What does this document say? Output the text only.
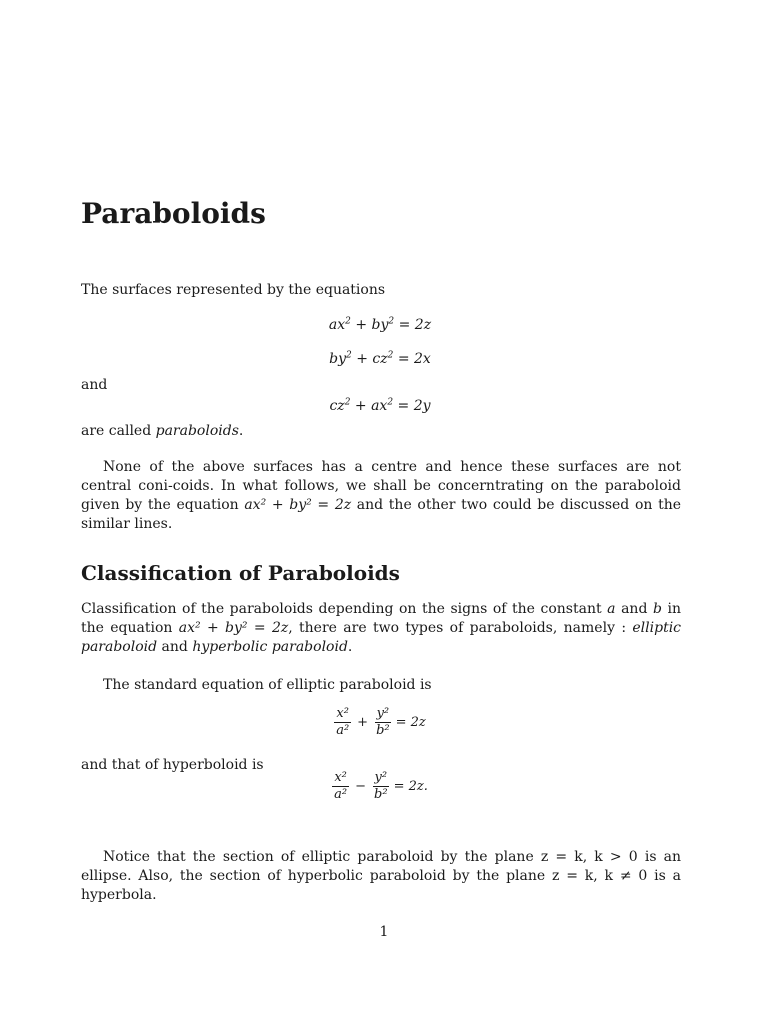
Paraboloids
The surfaces represented by the equations
$ax^2 + by^2 = 2z$
$by^2 + cz^2 = 2x$
and
$cz^2 + ax^2 = 2y$
are called paraboloids.
None of the above surfaces has a centre and hence these surfaces are not central coni-coids. In what follows, we shall be concerntrating on the paraboloid given by the equation ax² + by² = 2z and the other two could be discussed on the similar lines.
Classification of Paraboloids
Classification of the paraboloids depending on the signs of the constant a and b in the equation ax² + by² = 2z, there are two types of paraboloids, namely : elliptic paraboloid and hyperbolic paraboloid.
The standard equation of elliptic paraboloid is
$\frac{\text{x²}}{\text{a²}} + \frac{\text{y²}}{\text{b²}} = 2z$
and that of hyperboloid is
$\frac{\text{x²}}{\text{a²}} - \frac{\text{y²}}{\text{b²}} = 2z$.
Notice that the section of elliptic paraboloid by the plane z = k, k > 0 is an ellipse. Also, the section of hyperbolic paraboloid by the plane z = k, k ≠ 0 is a hyperbola.
1
